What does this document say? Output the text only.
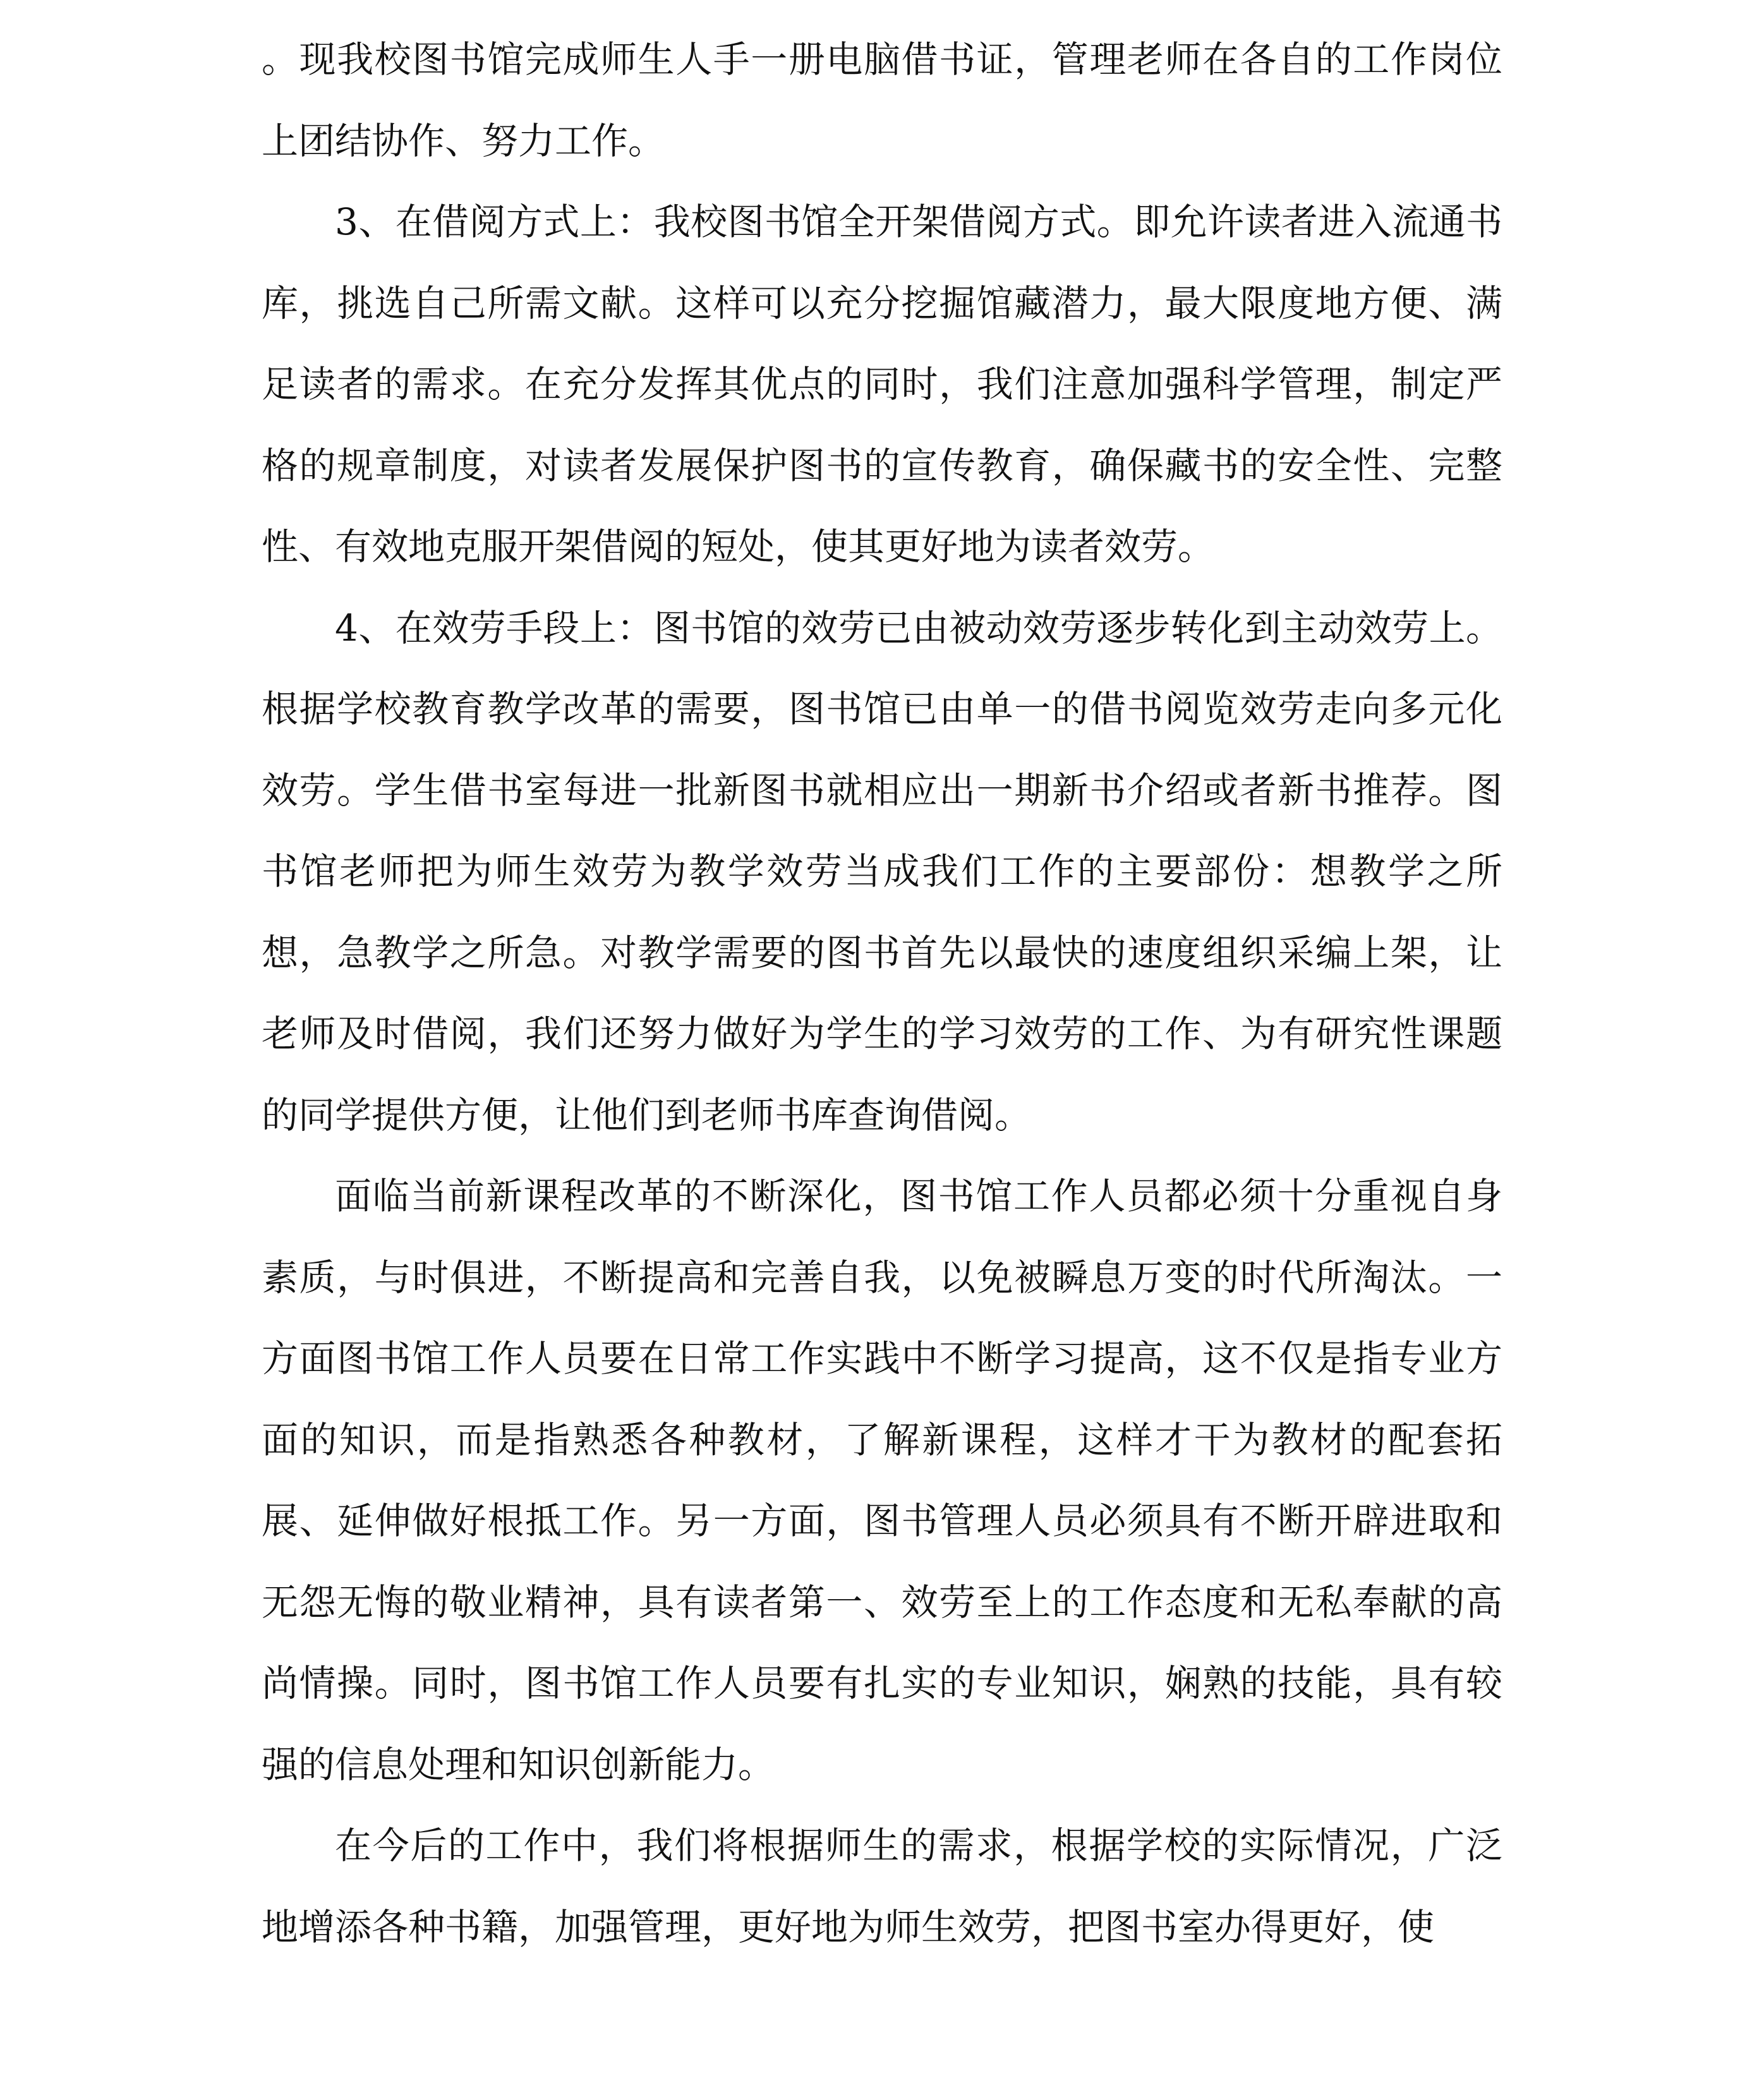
。现我校图书馆完成师生人手一册电脑借书证，管理老师在各自的工作岗位上团结协作、努力工作。

3、在借阅方式上：我校图书馆全开架借阅方式。即允许读者进入流通书库，挑选自己所需文献。这样可以充分挖掘馆藏潜力，最大限度地方便、满足读者的需求。在充分发挥其优点的同时，我们注意加强科学管理，制定严格的规章制度，对读者发展保护图书的宣传教育，确保藏书的安全性、完整性、有效地克服开架借阅的短处，使其更好地为读者效劳。

4、在效劳手段上：图书馆的效劳已由被动效劳逐步转化到主动效劳上。根据学校教育教学改革的需要，图书馆已由单一的借书阅览效劳走向多元化效劳。学生借书室每进一批新图书就相应出一期新书介绍或者新书推荐。图书馆老师把为师生效劳为教学效劳当成我们工作的主要部份：想教学之所想，急教学之所急。对教学需要的图书首先以最快的速度组织采编上架，让老师及时借阅，我们还努力做好为学生的学习效劳的工作、为有研究性课题的同学提供方便，让他们到老师书库查询借阅。

面临当前新课程改革的不断深化，图书馆工作人员都必须十分重视自身素质，与时俱进，不断提高和完善自我，以免被瞬息万变的时代所淘汰。一方面图书馆工作人员要在日常工作实践中不断学习提高，这不仅是指专业方面的知识，而是指熟悉各种教材，了解新课程，这样才干为教材的配套拓展、延伸做好根抵工作。另一方面，图书管理人员必须具有不断开辟进取和无怨无悔的敬业精神，具有读者第一、效劳至上的工作态度和无私奉献的高尚情操。同时，图书馆工作人员要有扎实的专业知识，娴熟的技能，具有较强的信息处理和知识创新能力。

在今后的工作中，我们将根据师生的需求，根据学校的实际情况，广泛地增添各种书籍，加强管理，更好地为师生效劳，把图书室办得更好，使
